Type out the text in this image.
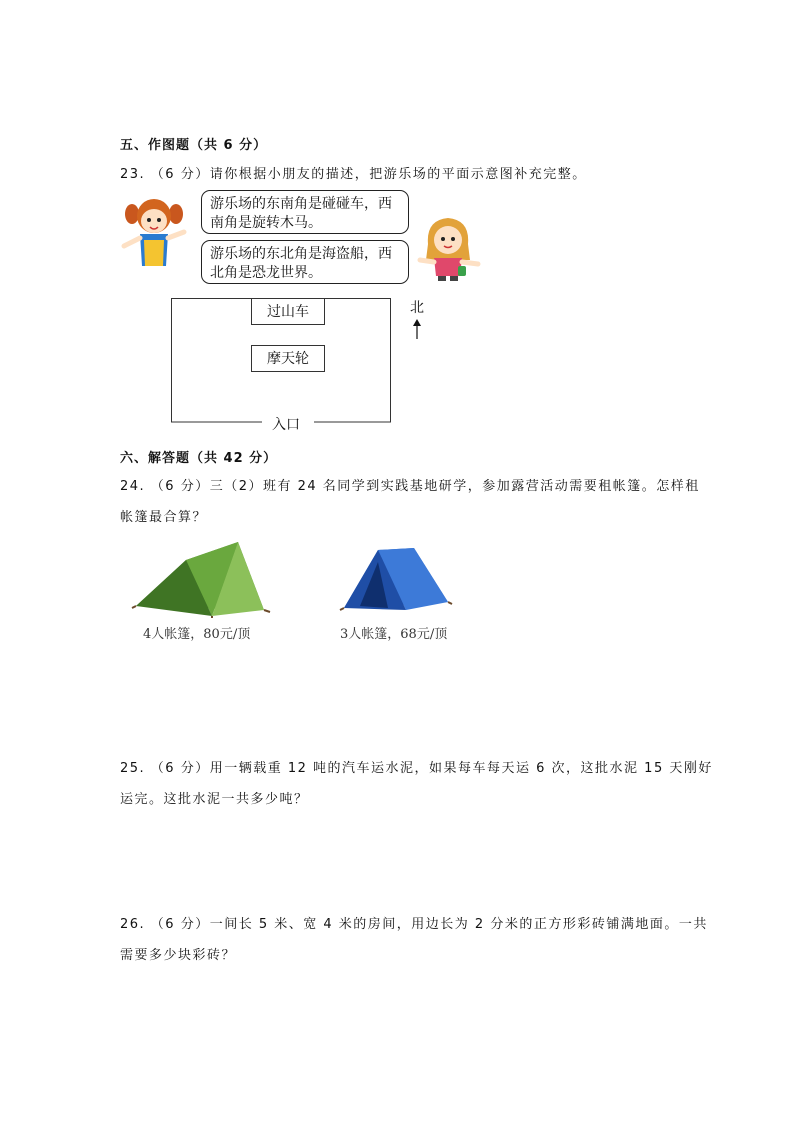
五、作图题（共 6 分）
23. （6 分）请你根据小朋友的描述，把游乐场的平面示意图补充完整。
游乐场的东南角是碰碰车，西
南角是旋转木马。
游乐场的东北角是海盗船，西
北角是恐龙世界。
过山车
摩天轮
入口
北
六、解答题（共 42 分）
24. （6 分）三（2）班有 24 名同学到实践基地研学，参加露营活动需要租帐篷。怎样租
帐篷最合算？
4人帐篷，80元/顶	3人帐篷，68元/顶
25. （6 分）用一辆载重 12 吨的汽车运水泥，如果每车每天运 6 次，这批水泥 15 天刚好
运完。这批水泥一共多少吨？
26. （6 分）一间长 5 米、宽 4 米的房间，用边长为 2 分米的正方形彩砖铺满地面。一共
需要多少块彩砖？
